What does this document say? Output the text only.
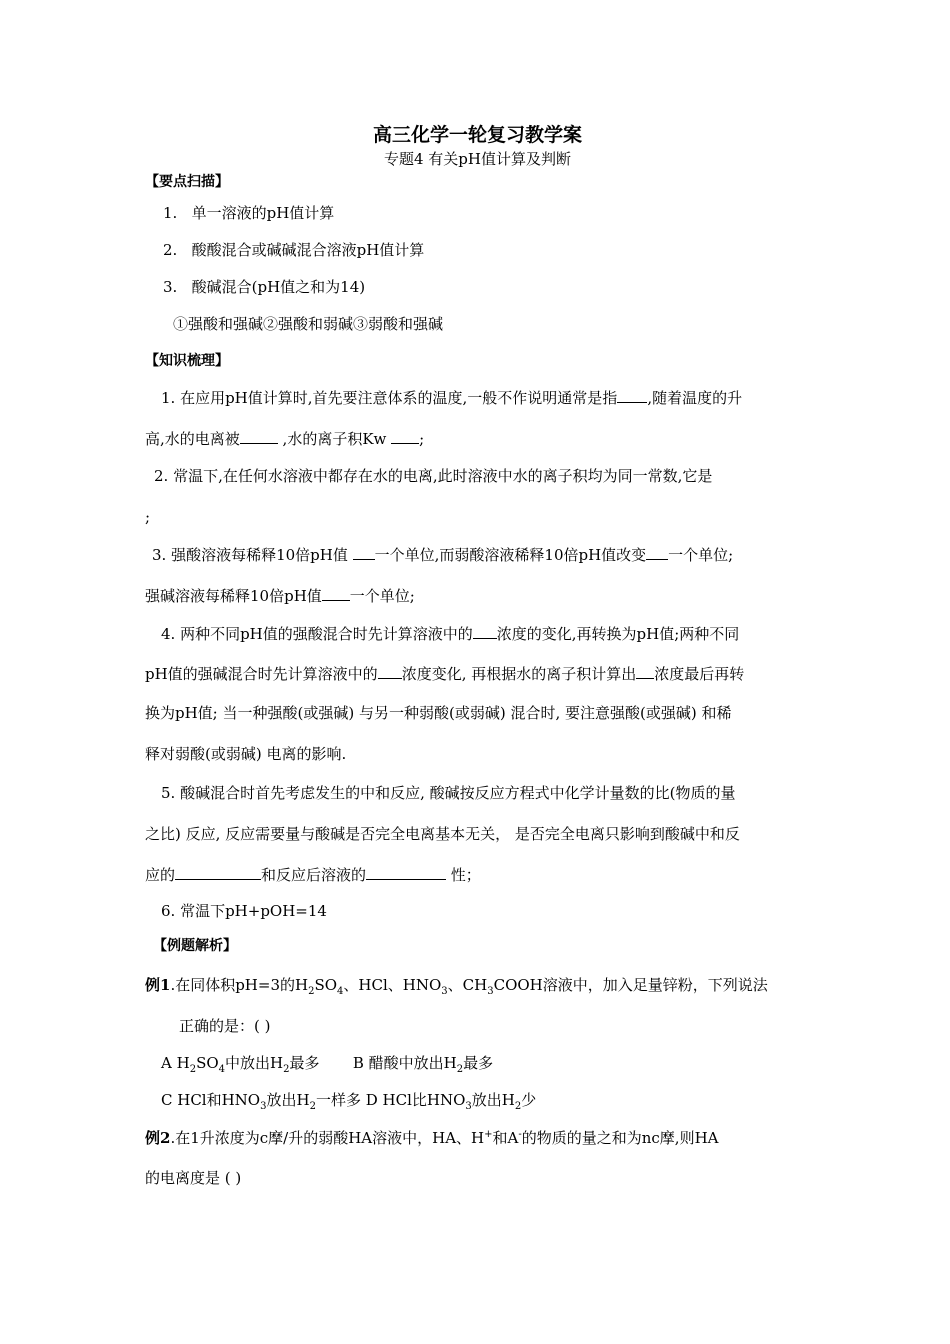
高三化学一轮复习教学案
专题4 有关pH值计算及判断
【要点扫描】
1. 单一溶液的pH值计算
2. 酸酸混合或碱碱混合溶液pH值计算
3. 酸碱混合(pH值之和为14)
①强酸和强碱②强酸和弱碱③弱酸和强碱
【知识梳理】
1. 在应用pH值计算时,首先要注意体系的温度,一般不作说明通常是指 ,随着温度的升
高,水的电离被	,水的离子积Kw ;
2. 常温下,在任何水溶液中都存在水的电离,此时溶液中水的离子积均为同一常数,它是
;
3. 强酸溶液每稀释10倍pH值 一个单位,而弱酸溶液稀释10倍pH值改变 一个单位;
强碱溶液每稀释10倍pH值 一个单位;
4. 两种不同pH值的强酸混合时先计算溶液中的 浓度的变化,再转换为pH值;两种不同
pH值的强碱混合时先计算溶液中的 浓度变化, 再根据水的离子积计算出 浓度最后再转
换为pH值; 当一种强酸(或强碱) 与另一种弱酸(或弱碱) 混合时, 要注意强酸(或强碱) 和稀
释对弱酸(或弱碱) 电离的影响.
5. 酸碱混合时首先考虑发生的中和反应, 酸碱按反应方程式中化学计量数的比(物质的量
之比) 反应, 反应需要量与酸碱是否完全电离基本无关， 是否完全电离只影响到酸碱中和反
应的	和反应后溶液的	性；
6. 常温下pH+pOH=14
【例题解析】
例1.在同体积pH=3的$H_2SO_4$、HCl、$HNO_3$、$CH_3COOH$溶液中，加入足量锌粉，下列说法
正确的是：( )
A $H_2SO_4$中放出$H_2$最多 B 醋酸中放出$H_2$最多
C HCl和$HNO_3$放出$H_2$一样多 D HCl比$HNO_3$放出$H_2$少
例2.在1升浓度为c摩/升的弱酸HA溶液中，HA、H+和A-的物质的量之和为nc摩,则HA
的电离度是 ( )
